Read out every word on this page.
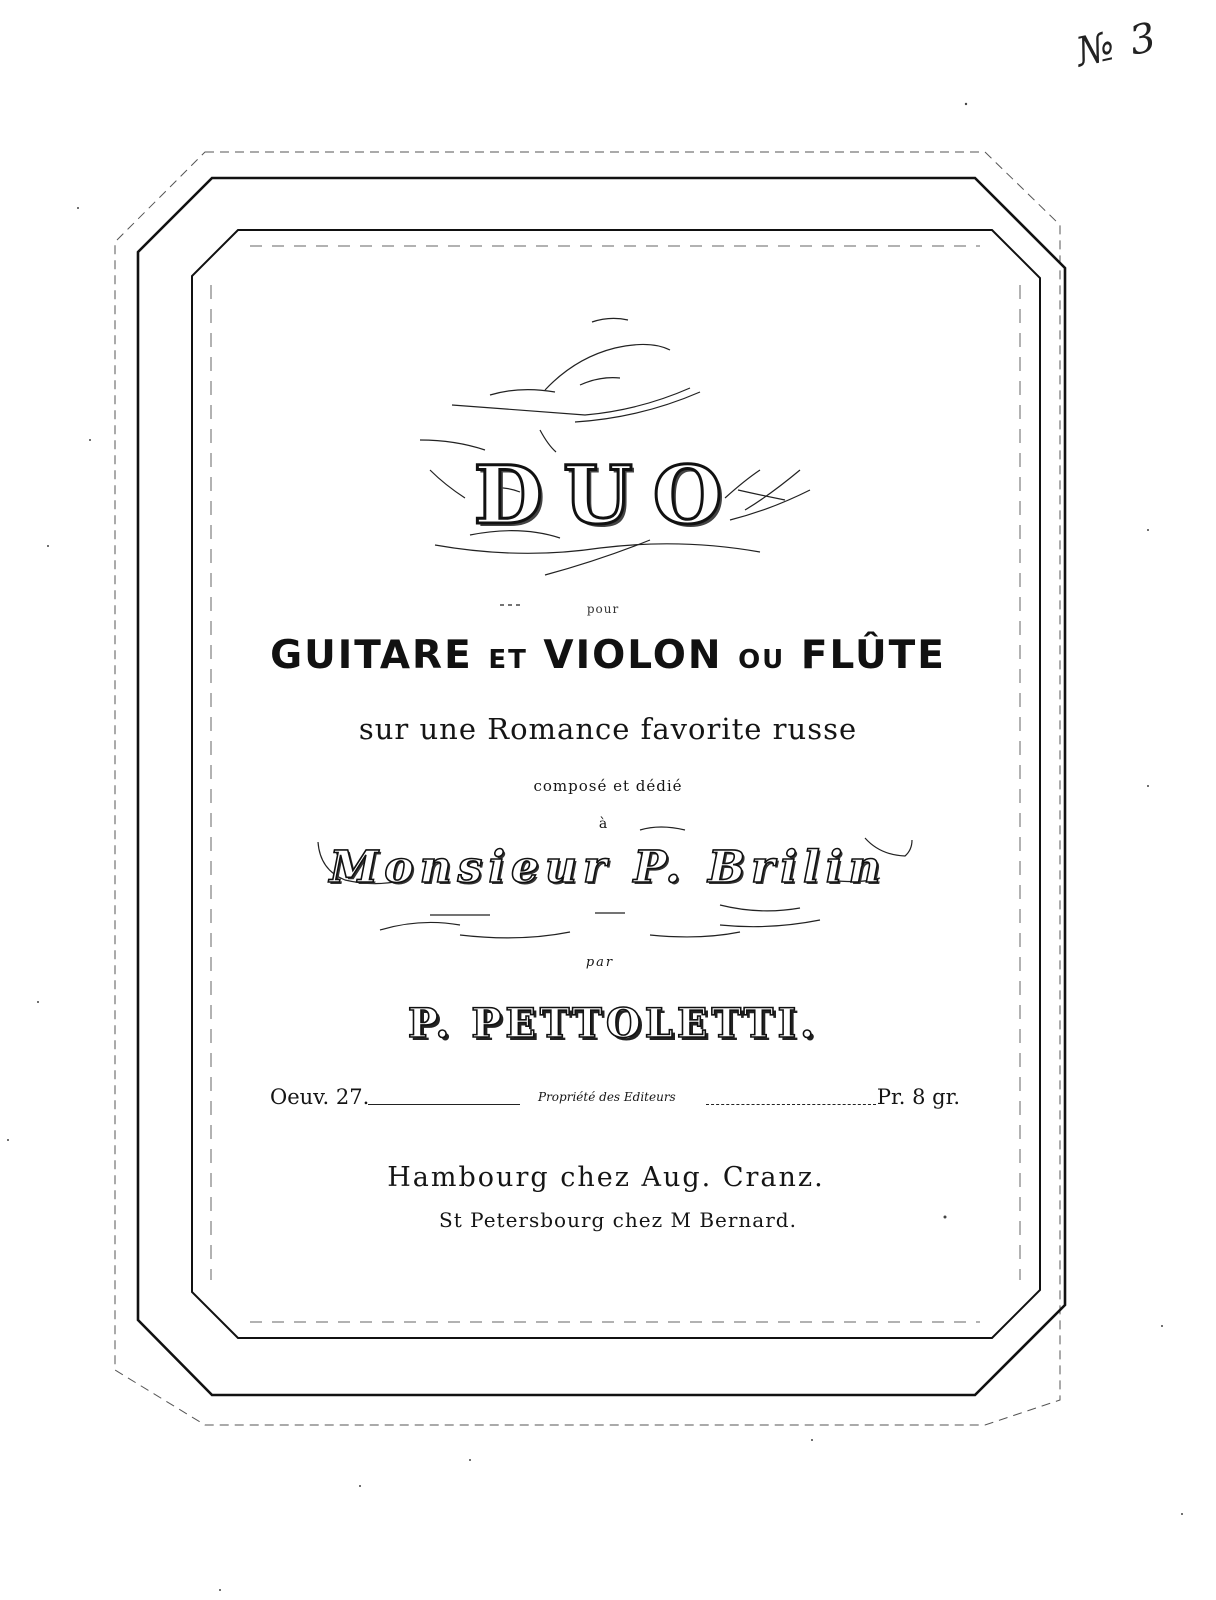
№ 3
DUO
pour
GUITARE ET VIOLON OU FLÛTE
sur une Romance favorite russe
composé et dédié
à
Monsieur P. Brilin
par
P. PETTOLETTI.
Oeuv. 27.	Propriété des Editeurs	Pr. 8 gr.
Hambourg chez Aug. Cranz.
St Petersbourg chez M Bernard.
